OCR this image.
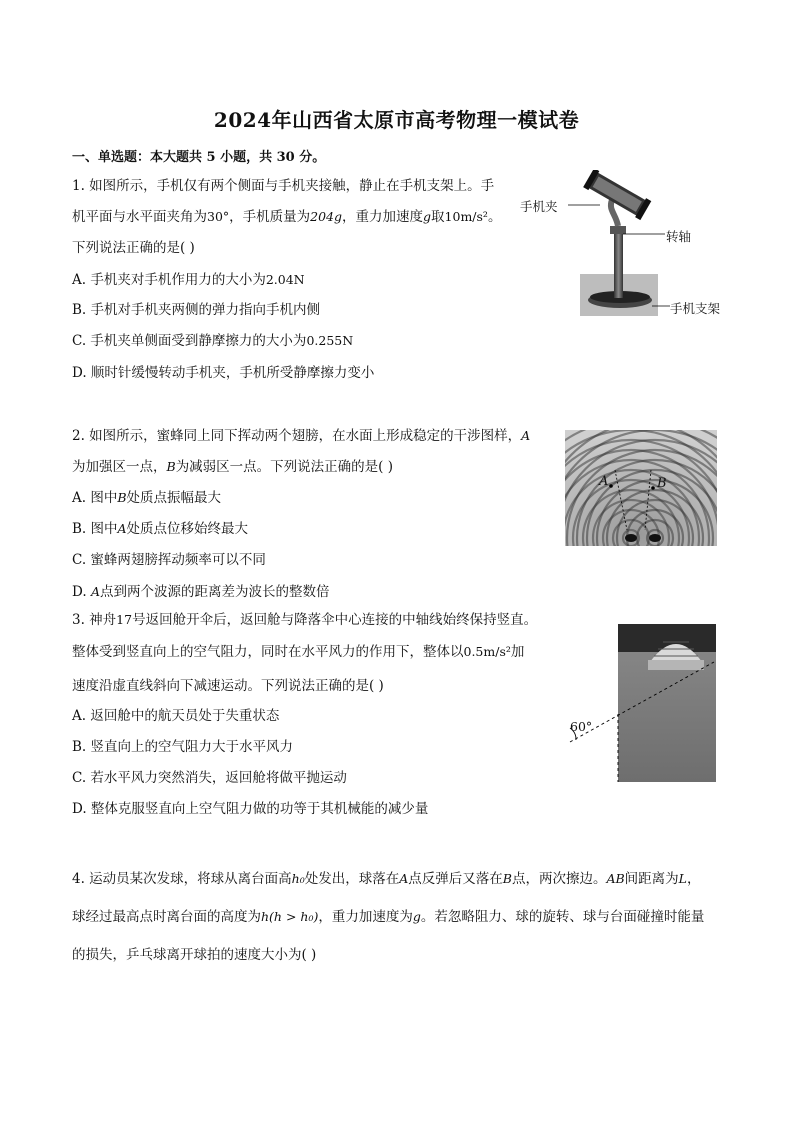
2024年山西省太原市高考物理一模试卷
一、单选题：本大题共 5 小题，共 30 分。
1. 如图所示，手机仅有两个侧面与手机夹接触，静止在手机支架上。手
机平面与水平面夹角为30°，手机质量为204g，重力加速度g取10m/s²。
下列说法正确的是( )
A. 手机夹对手机作用力的大小为2.04N
B. 手机对手机夹两侧的弹力指向手机内侧
C. 手机夹单侧面受到静摩擦力的大小为0.255N
D. 顺时针缓慢转动手机夹，手机所受静摩擦力变小
手机夹
转轴
手机支架
2. 如图所示，蜜蜂同上同下挥动两个翅膀，在水面上形成稳定的干涉图样，A
为加强区一点，B为减弱区一点。下列说法正确的是( )
A. 图中B处质点振幅最大
B. 图中A处质点位移始终最大
C. 蜜蜂两翅膀挥动频率可以不同
D. A点到两个波源的距离差为波长的整数倍
A	B
3. 神舟17号返回舱开伞后，返回舱与降落伞中心连接的中轴线始终保持竖直。
整体受到竖直向上的空气阻力，同时在水平风力的作用下，整体以0.5m/s²加
速度沿虚直线斜向下减速运动。下列说法正确的是( )
A. 返回舱中的航天员处于失重状态
B. 竖直向上的空气阻力大于水平风力
C. 若水平风力突然消失，返回舱将做平抛运动
D. 整体克服竖直向上空气阻力做的功等于其机械能的减少量
60°
4. 运动员某次发球，将球从离台面高h₀处发出，球落在A点反弹后又落在B点，两次擦边。AB间距离为L，
球经过最高点时离台面的高度为h(h > h₀)，重力加速度为g。若忽略阻力、球的旋转、球与台面碰撞时能量
的损失，乒乓球离开球拍的速度大小为( )
